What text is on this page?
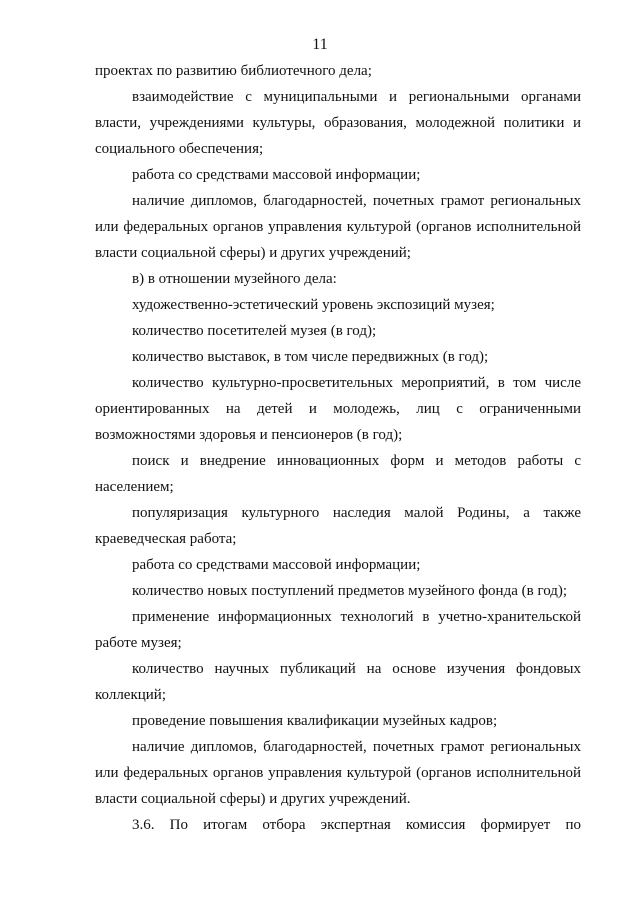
11

проектах по развитию библиотечного дела;

взаимодействие с муниципальными и региональными органами власти, учреждениями культуры, образования, молодежной политики и социального обеспечения;

работа со средствами массовой информации;

наличие дипломов, благодарностей, почетных грамот региональных или федеральных органов управления культурой (органов исполнительной власти социальной сферы) и других учреждений;

в) в отношении музейного дела:

художественно-эстетический уровень экспозиций музея;

количество посетителей музея (в год);

количество выставок, в том числе передвижных (в год);

количество культурно-просветительных мероприятий, в том числе ориентированных на детей и молодежь, лиц с ограниченными возможностями здоровья и пенсионеров (в год);

поиск и внедрение инновационных форм и методов работы с населением;

популяризация культурного наследия малой Родины, а также краеведческая работа;

работа со средствами массовой информации;

количество новых поступлений предметов музейного фонда (в год);

применение информационных технологий в учетно-хранительской работе музея;

количество научных публикаций на основе изучения фондовых коллекций;

проведение повышения квалификации музейных кадров;

наличие дипломов, благодарностей, почетных грамот региональных или федеральных органов управления культурой (органов исполнительной власти социальной сферы) и других учреждений.

3.6. По итогам отбора экспертная комиссия формирует по
